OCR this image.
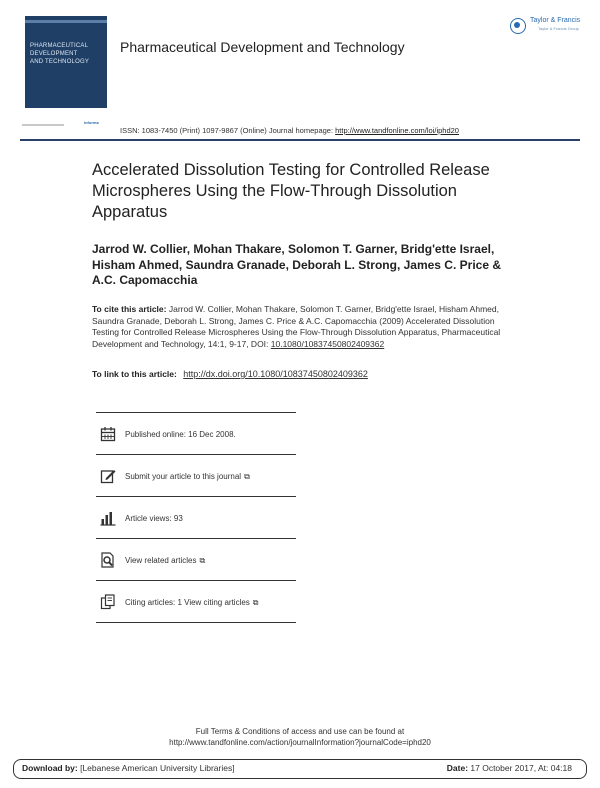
PHARMACEUTICAL
DEVELOPMENT
AND TECHNOLOGY
Pharmaceutical Development and Technology
Taylor & Francis
Taylor & Francis Group
informa
ISSN: 1083-7450 (Print) 1097-9867 (Online) Journal homepage: http://www.tandfonline.com/loi/iphd20
Accelerated Dissolution Testing for Controlled Release Microspheres Using the Flow-Through Dissolution Apparatus
Jarrod W. Collier, Mohan Thakare, Solomon T. Garner, Bridg'ette Israel, Hisham Ahmed, Saundra Granade, Deborah L. Strong, James C. Price & A.C. Capomacchia
To cite this article: Jarrod W. Collier, Mohan Thakare, Solomon T. Garner, Bridg'ette Israel, Hisham Ahmed, Saundra Granade, Deborah L. Strong, James C. Price & A.C. Capomacchia (2009) Accelerated Dissolution Testing for Controlled Release Microspheres Using the Flow-Through Dissolution Apparatus, Pharmaceutical Development and Technology, 14:1, 9-17, DOI: 10.1080/10837450802409362
To link to this article: http://dx.doi.org/10.1080/10837450802409362
Published online: 16 Dec 2008.
Submit your article to this journal ⧉
Article views: 93
View related articles ⧉
Citing articles: 1 View citing articles ⧉
Full Terms & Conditions of access and use can be found at
http://www.tandfonline.com/action/journalInformation?journalCode=iphd20
Download by: [Lebanese American University Libraries]	Date: 17 October 2017, At: 04:18
